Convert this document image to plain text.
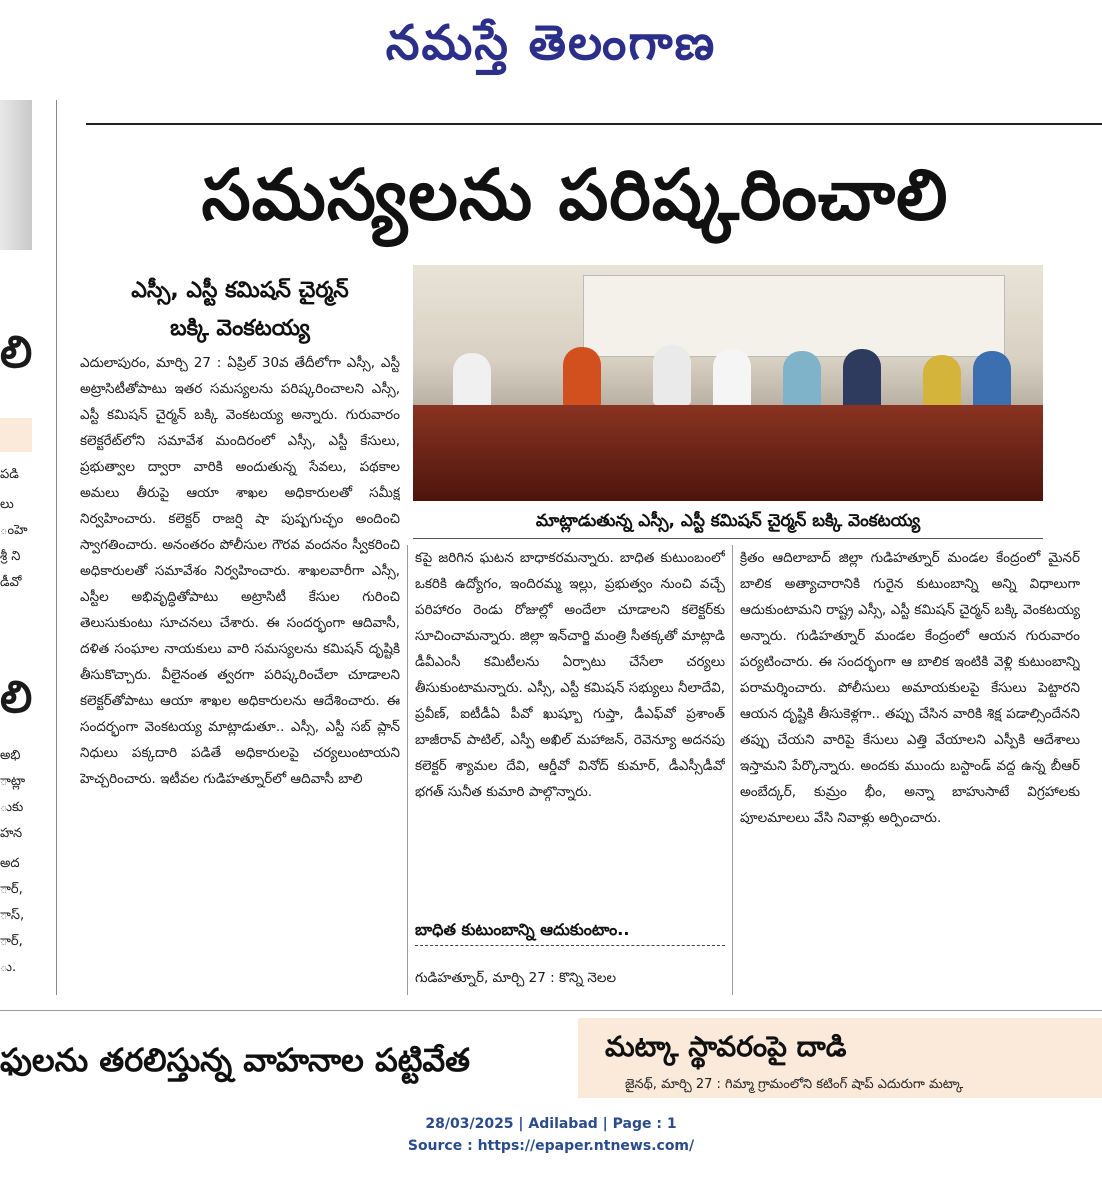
నమస్తే తెలంగాణ
లి
పడి
లు
ంహె
శ్రీ ని
డీవో
లి
అభి
ాట్లా
ుకు
హన
అద
ార్,
ాస్,
ార్,
ు.
సమస్యలను పరిష్కరించాలి
ఎస్సీ, ఎస్టీ కమిషన్ చైర్మన్
బక్కి వెంకటయ్య
మాట్లాడుతున్న ఎస్సీ, ఎస్టీ కమిషన్ చైర్మన్ బక్కి వెంకటయ్య
ఎదులాపురం, మార్చి 27 : ఏప్రిల్ 30వ తేదీలోగా ఎస్సీ, ఎస్టీ అట్రాసిటీతోపాటు ఇతర సమస్యలను పరిష్కరించాలని ఎస్సీ, ఎస్టీ కమిషన్ చైర్మన్ బక్కి వెంకటయ్య అన్నారు. గురువారం కలెక్టరేట్‌లోని సమావేశ మందిరంలో ఎస్సీ, ఎస్టీ కేసులు, ప్రభుత్వాల ద్వారా వారికి అందుతున్న సేవలు, పథకాల అమలు తీరుపై ఆయా శాఖల అధికారులతో సమీక్ష నిర్వహించారు. కలెక్టర్ రాజర్షి షా పుష్పగుచ్ఛం అందించి స్వాగతించారు. అనంతరం పోలీసుల గౌరవ వందనం స్వీకరించి అధికారులతో సమావేశం నిర్వహించారు. శాఖలవారీగా ఎస్సీ, ఎస్టీల అభివృద్ధితోపాటు అట్రాసిటీ కేసుల గురించి తెలుసుకుంటు సూచనలు చేశారు. ఈ సందర్భంగా ఆదివాసీ, దళిత సంఘాల నాయకులు వారి సమస్యలను కమిషన్ దృష్టికి తీసుకొచ్చారు. వీలైనంత త్వరగా పరిష్కరించేలా చూడాలని కలెక్టర్‌తోపాటు ఆయా శాఖల అధికారులను ఆదేశించారు. ఈ సందర్భంగా వెంకటయ్య మాట్లాడుతూ.. ఎస్సీ, ఎస్టీ సబ్ ప్లాన్ నిధులు పక్కదారి పడితే అధికారులపై చర్యలుంటాయని హెచ్చరించారు. ఇటీవల గుడిహత్నూర్‌లో ఆదివాసీ బాలి
కపై జరిగిన ఘటన బాధాకరమన్నారు. బాధిత కుటుంబంలో ఒకరికి ఉద్యోగం, ఇందిరమ్మ ఇల్లు, ప్రభుత్వం నుంచి వచ్చే పరిహారం రెండు రోజుల్లో అందేలా చూడాలని కలెక్టర్‌కు సూచించామన్నారు. జిల్లా ఇన్‌చార్జి మంత్రి సీతక్కతో మాట్లాడి డీవీఎంసీ కమిటీలను ఏర్పాటు చేసేలా చర్యలు తీసుకుంటామన్నారు. ఎస్సీ, ఎస్టీ కమిషన్ సభ్యులు నీలాదేవి, ప్రవీణ్, ఐటీడీఏ పీవో ఖుష్బూ గుప్తా, డీఎఫ్‌వో ప్రశాంత్ బాజీరావ్ పాటిల్, ఎస్పీ అఖిల్ మహాజన్, రెవెన్యూ అదనపు కలెక్టర్ శ్యామల దేవి, ఆర్డీవో వినోద్ కుమార్, డీఎస్సీడీవో భగత్ సునీత కుమారి పాల్గొన్నారు.
బాధిత కుటుంబాన్ని ఆదుకుంటాం..
గుడిహత్నూర్, మార్చి 27 : కొన్ని నెలల
క్రితం ఆదిలాబాద్ జిల్లా గుడిహత్నూర్ మండల కేంద్రంలో మైనర్ బాలిక అత్యాచారానికి గురైన కుటుంబాన్ని అన్ని విధాలుగా ఆదుకుంటామని రాష్ట్ర ఎస్సీ, ఎస్టీ కమిషన్ చైర్మన్ బక్కి వెంకటయ్య అన్నారు. గుడిహత్నూర్ మండల కేంద్రంలో ఆయన గురువారం పర్యటించారు. ఈ సందర్భంగా ఆ బాలిక ఇంటికి వెళ్లి కుటుంబాన్ని పరామర్శించారు. పోలీసులు అమాయకులపై కేసులు పెట్టారని ఆయన దృష్టికి తీసుకెళ్లగా.. తప్పు చేసిన వారికి శిక్ష పడాల్సిందేనని తప్పు చేయని వారిపై కేసులు ఎత్తి వేయాలని ఎస్పీకి ఆదేశాలు ఇస్తామని పేర్కొన్నారు. అందకు ముందు బస్టాండ్ వద్ద ఉన్న బీఆర్ అంబేద్కర్, కుమ్రం భీం, అన్నా బాహుసాటే విగ్రహాలకు పూలమాలలు వేసి నివాళ్లు అర్పించారు.
ఫులను తరలిస్తున్న వాహనాల పట్టివేత	మట్కా స్థావరంపై దాడి
జైనథ్, మార్చి 27 : గిమ్మా గ్రామంలోని కటింగ్ షాప్ ఎదురుగా మట్కా
28/03/2025 | Adilabad | Page : 1
Source : https://epaper.ntnews.com/
